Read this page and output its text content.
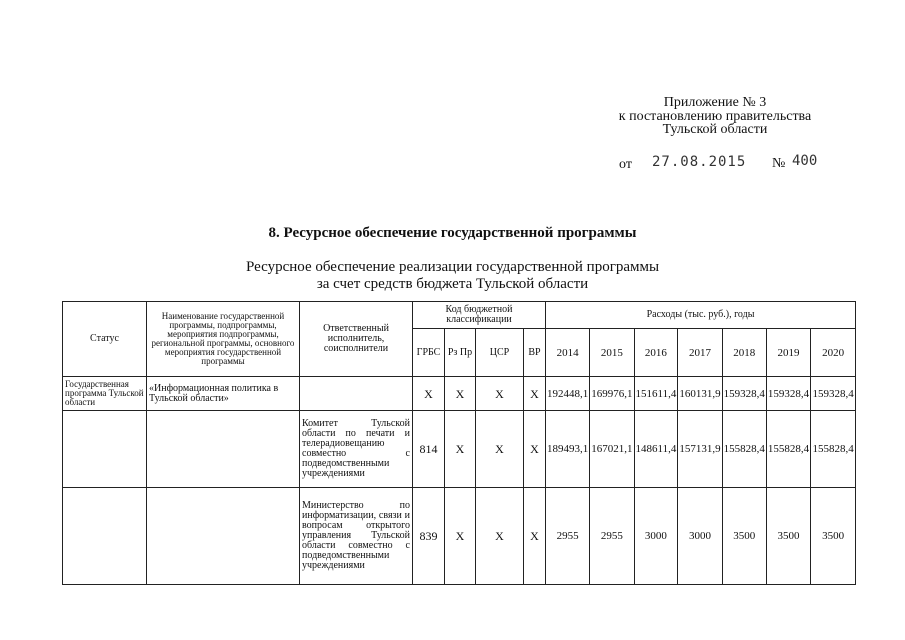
Приложение № 3
к постановлению правительства
Тульской области
от 27.08.2015 № 400
8. Ресурсное обеспечение государственной программы
Ресурсное обеспечение реализации государственной программы
за счет средств бюджета Тульской области
Статус	Наименование государственной программы, подпрограммы, мероприятия подпрограммы, региональной программы, основного мероприятия государственной программы	Ответственный исполнитель, соисполнители	Код бюджетной классификации				Расходы (тыс. руб.), годы						
			ГРБС	Рз Пр	ЦСР	ВР	2014	2015	2016	2017	2018	2019	2020
Государственная программа Тульской области	«Информационная политика в Тульской области»		X	X	X	X	192448,1	169976,1	151611,4	160131,9	159328,4	159328,4	159328,4
		Комитет Тульской области по печати и телерадиовещанию совместно с подведомственными учреждениями	814	X	X	X	189493,1	167021,1	148611,4	157131,9	155828,4	155828,4	155828,4
		Министерство по информатизации, связи и вопросам открытого управления Тульской области совместно с подведомственными учреждениями	839	X	X	X	2955	2955	3000	3000	3500	3500	3500
